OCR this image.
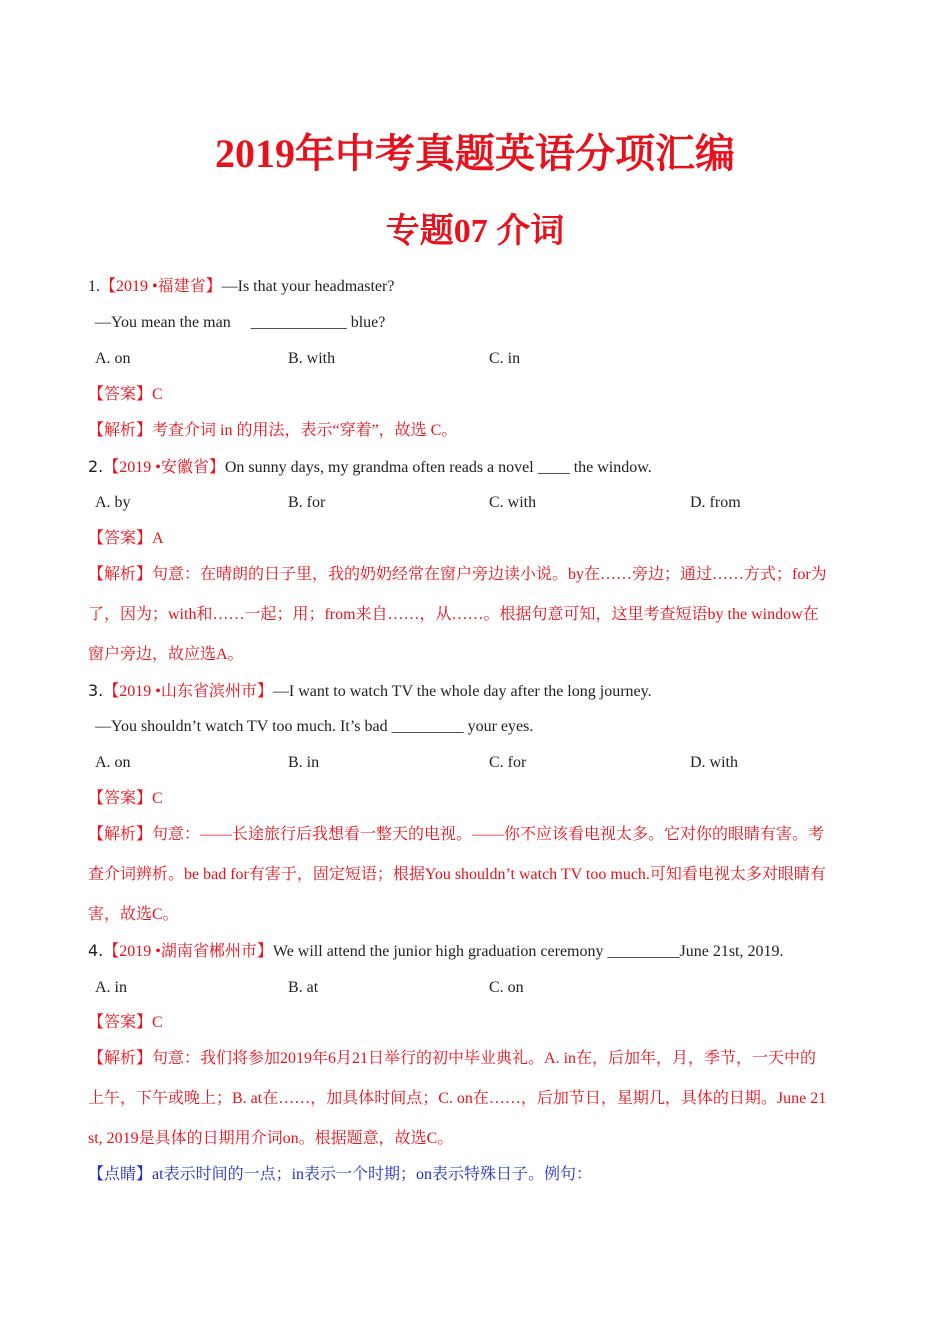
2019年中考真题英语分项汇编
专题07 介词
1.【2019 •福建省】—Is that your headmaster?
—You mean the man　 ____________ blue?
A. on	B. with	C. in
【答案】C
【解析】考查介词 in 的用法，表示“穿着”，故选 C。
2.【2019 •安徽省】On sunny days, my grandma often reads a novel ____ the window.
A. by	B. for	C. with	D. from
【答案】A
【解析】句意：在晴朗的日子里，我的奶奶经常在窗户旁边读小说。by在……旁边；通过……方式；for为
了，因为；with和……一起；用；from来自……，从……。根据句意可知，这里考查短语by the window在
窗户旁边，故应选A。
3.【2019 •山东省滨州市】—I want to watch TV the whole day after the long journey.
—You shouldn’t watch TV too much. It’s bad _________ your eyes.
A. on	B. in	C. for	D. with
【答案】C
【解析】句意：——长途旅行后我想看一整天的电视。——你不应该看电视太多。它对你的眼睛有害。考
查介词辨析。be bad for有害于，固定短语；根据You shouldn’t watch TV too much.可知看电视太多对眼睛有
害，故选C。
4.【2019 •湖南省郴州市】We will attend the junior high graduation ceremony _________June 21st, 2019.
A. in	B. at	C. on
【答案】C
【解析】句意：我们将参加2019年6月21日举行的初中毕业典礼。A. in在，后加年，月，季节，一天中的
上午，下午或晚上；B. at在……，加具体时间点；C. on在……，后加节日，星期几，具体的日期。June 21
st, 2019是具体的日期用介词on。根据题意，故选C。
【点睛】at表示时间的一点；in表示一个时期；on表示特殊日子。例句：
